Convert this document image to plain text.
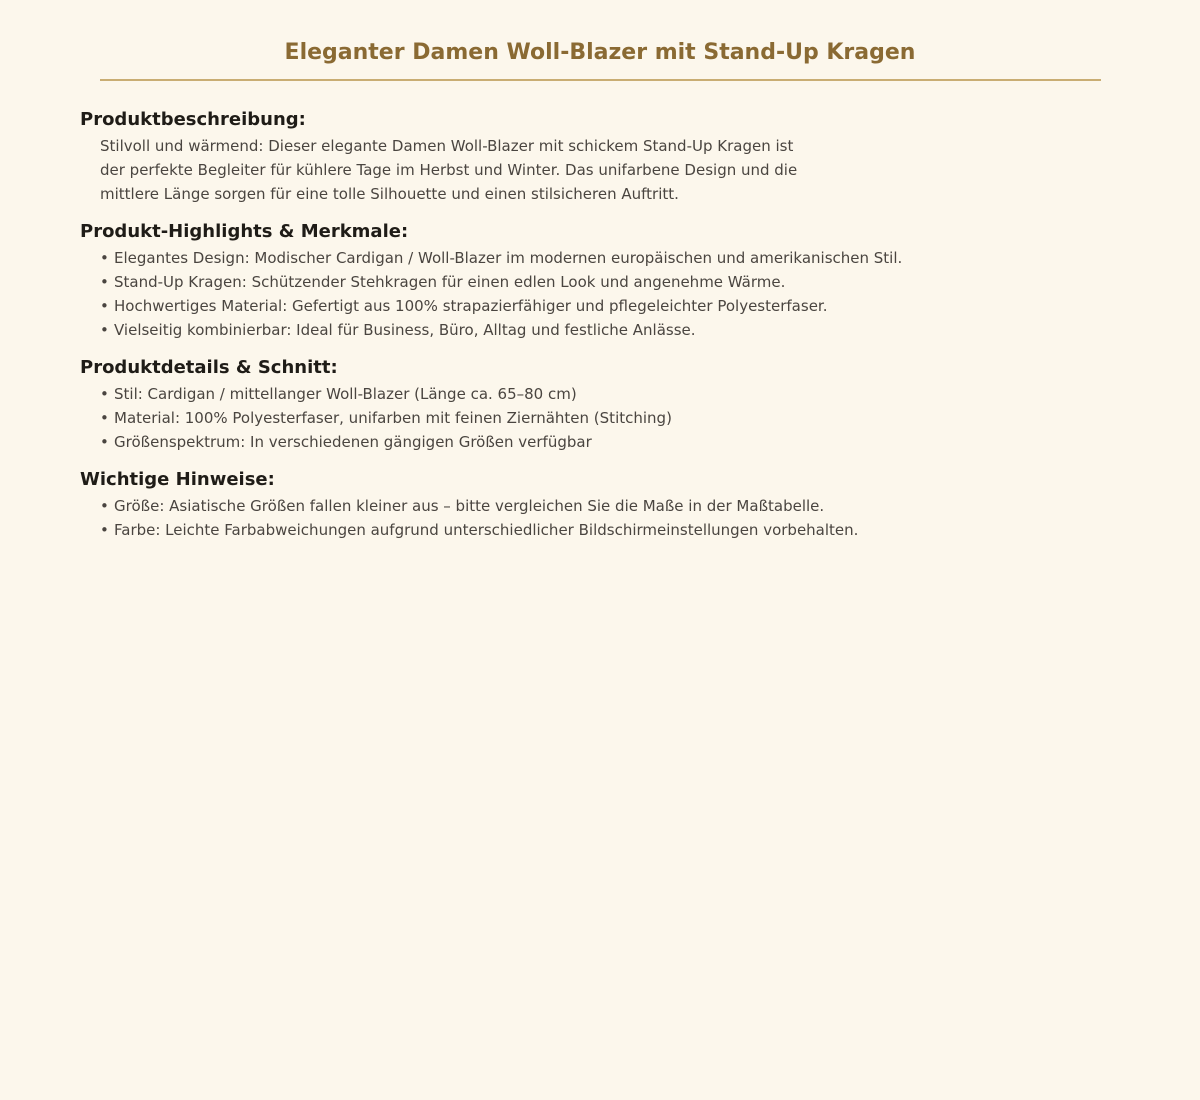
Eleganter Damen Woll-Blazer mit Stand-Up Kragen
Produktbeschreibung:

Stilvoll und wärmend: Dieser elegante Damen Woll-Blazer mit schickem Stand-Up Kragen ist der perfekte Begleiter für kühlere Tage im Herbst und Winter. Das unifarbene Design und die mittlere Länge sorgen für eine tolle Silhouette und einen stilsicheren Auftritt.

Produkt-Highlights & Merkmale:
• Elegantes Design: Modischer Cardigan / Woll-Blazer im modernen europäischen und amerikanischen Stil.
• Stand-Up Kragen: Schützender Stehkragen für einen edlen Look und angenehme Wärme.
• Hochwertiges Material: Gefertigt aus 100% strapazierfähiger und pflegeleichter Polyesterfaser.
• Vielseitig kombinierbar: Ideal für Business, Büro, Alltag und festliche Anlässe.
Produktdetails & Schnitt:
• Stil: Cardigan / mittellanger Woll-Blazer (Länge ca. 65–80 cm)
• Material: 100% Polyesterfaser, unifarben mit feinen Ziernähten (Stitching)
• Größenspektrum: In verschiedenen gängigen Größen verfügbar
Wichtige Hinweise:
• Größe: Asiatische Größen fallen kleiner aus – bitte vergleichen Sie die Maße in der Maßtabelle.
• Farbe: Leichte Farbabweichungen aufgrund unterschiedlicher Bildschirmeinstellungen vorbehalten.
